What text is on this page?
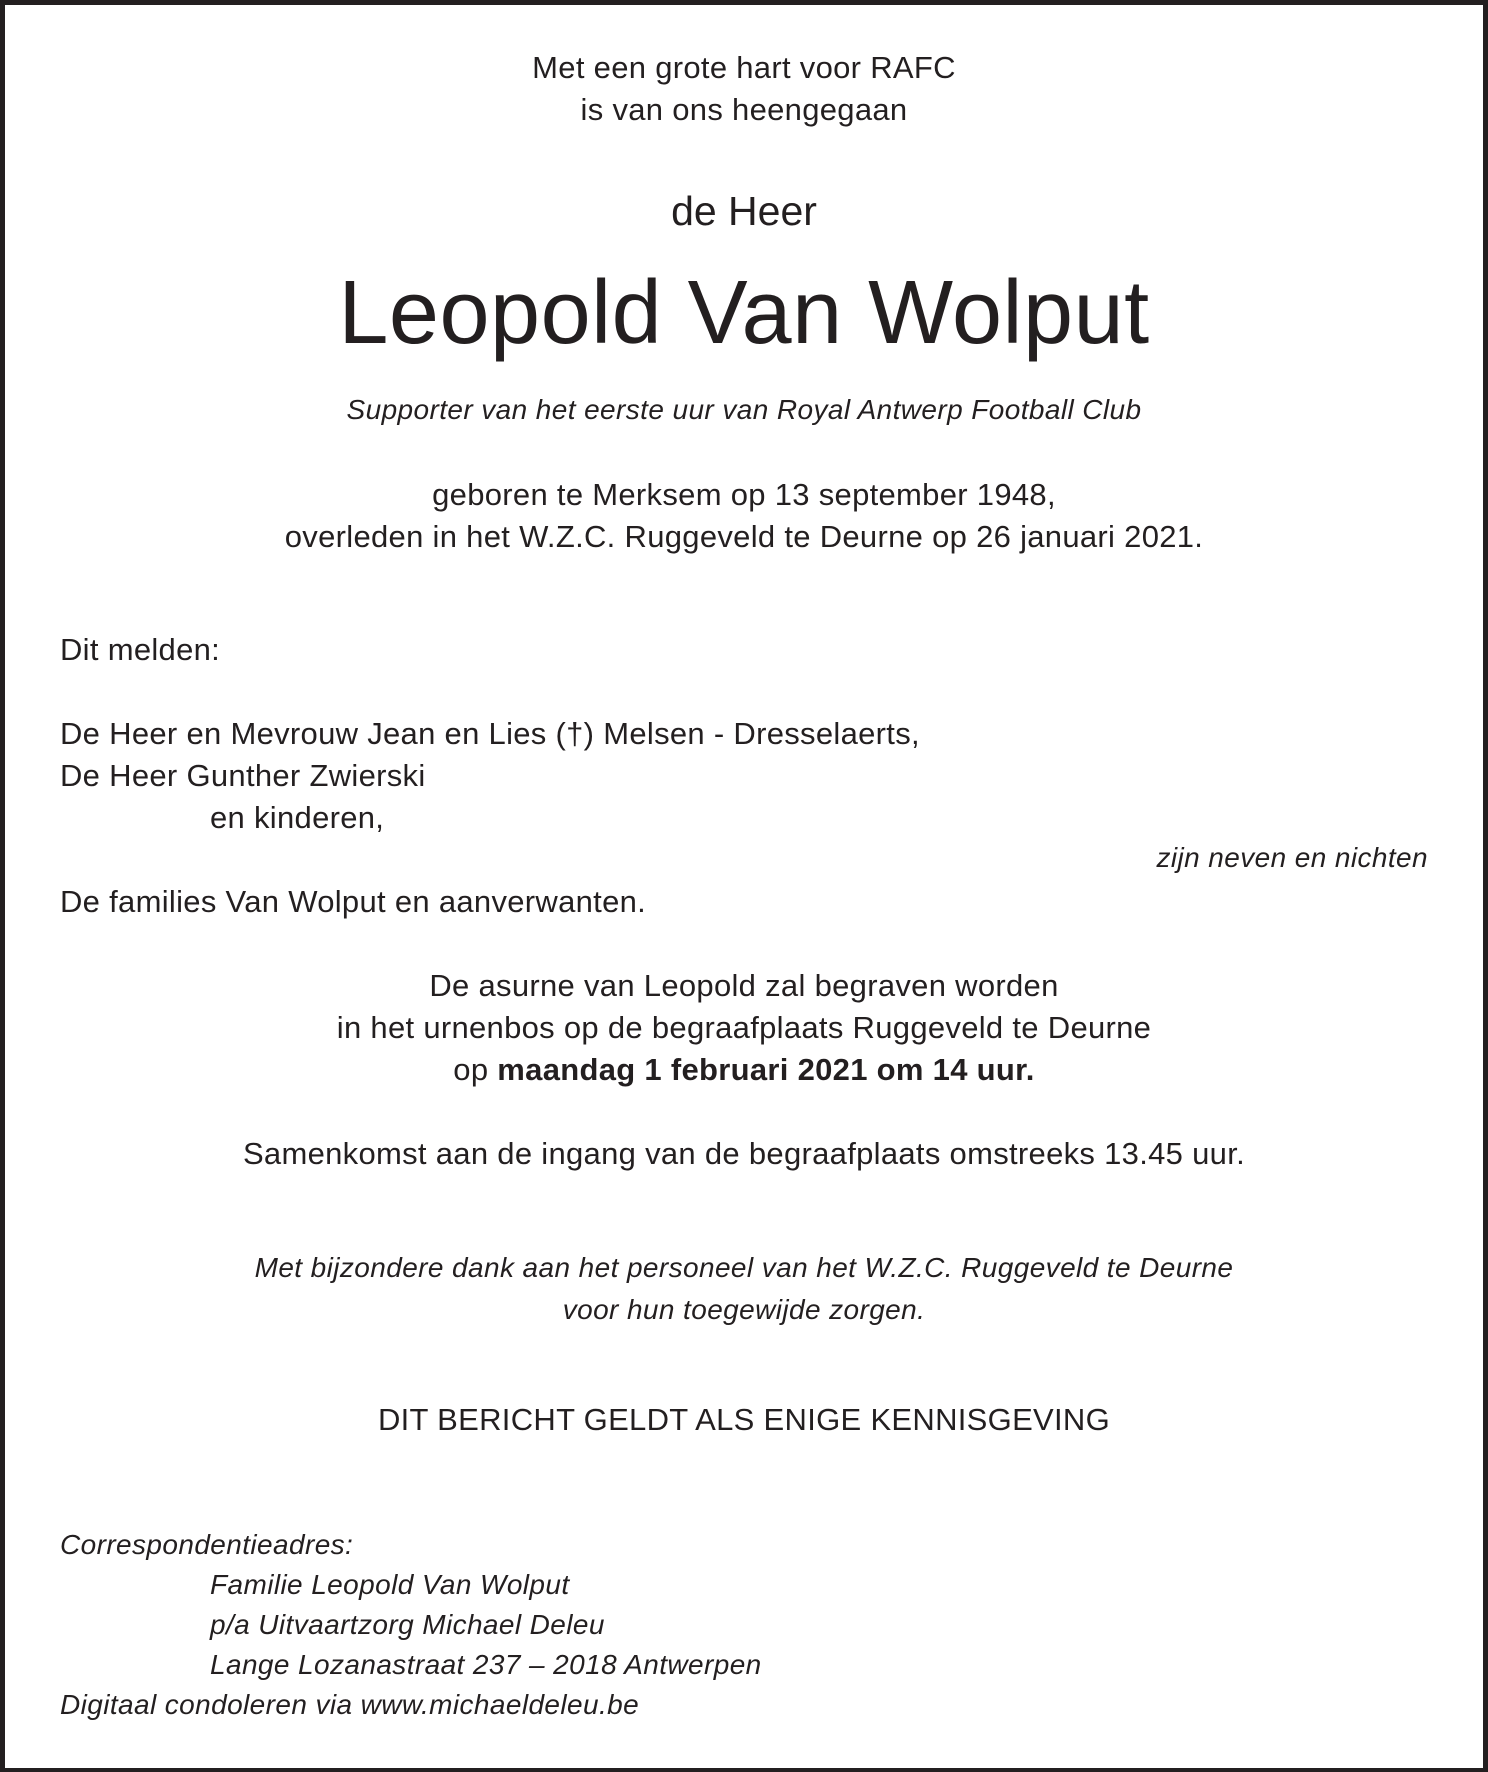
Met een grote hart voor RAFC
is van ons heengegaan
de Heer
Leopold Van Wolput
Supporter van het eerste uur van Royal Antwerp Football Club
geboren te Merksem op 13 september 1948,
overleden in het W.Z.C. Ruggeveld te Deurne op 26 januari 2021.
Dit melden:
De Heer en Mevrouw Jean en Lies (†) Melsen - Dresselaerts,
De Heer Gunther Zwierski
en kinderen,
zijn neven en nichten
De families Van Wolput en aanverwanten.
De asurne van Leopold zal begraven worden
in het urnenbos op de begraafplaats Ruggeveld te Deurne
op maandag 1 februari 2021 om 14 uur.
Samenkomst aan de ingang van de begraafplaats omstreeks 13.45 uur.
Met bijzondere dank aan het personeel van het W.Z.C. Ruggeveld te Deurne
voor hun toegewijde zorgen.
DIT BERICHT GELDT ALS ENIGE KENNISGEVING
Correspondentieadres:
Familie Leopold Van Wolput
p/a Uitvaartzorg Michael Deleu
Lange Lozanastraat 237 – 2018 Antwerpen
Digitaal condoleren via www.michaeldeleu.be
